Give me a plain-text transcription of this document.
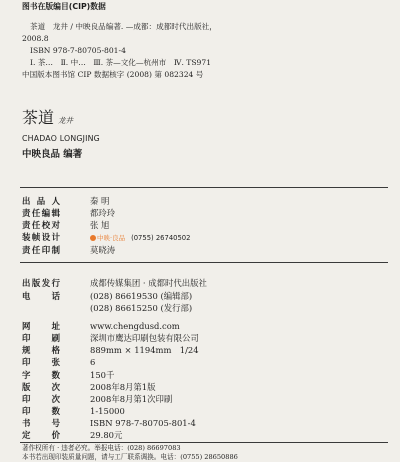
图书在版编目(CIP)数据
茶道　龙井 / 中映良品编著. —成都：成都时代出版社，
2008.8
ISBN 978-7-80705-801-4
Ⅰ. 茶…　Ⅱ. 中…　Ⅲ. 茶—文化—杭州市　Ⅳ. TS971
中国版本图书馆 CIP 数据核字 (2008) 第 082324 号
茶道 龙井
CHADAO LONGJING
中映良品 编著
出 品 人	秦 明
责任编辑	都玲玲
责任校对	张 旭
装帧设计	中映·良品 (0755) 26740502
责任印制	莫晓涛
出版发行	成都传媒集团 · 成都时代出版社
电 话	(028) 86619530 (编辑部)
(028) 86615250 (发行部)
网 址	www.chengdusd.com
印 刷	深圳市鹰达印刷包装有限公司
规 格	889mm × 1194mm　1/24
印 张	6
字 数	150千
版 次	2008年8月第1版
印 次	2008年8月第1次印刷
印 数	1-15000
书 号	ISBN 978-7-80705-801-4
定 价	29.80元
著作权所有 · 违者必究。举报电话：(028) 86697083
本书若出现印装质量问题，请与工厂联系调换。电话：(0755) 28650886
